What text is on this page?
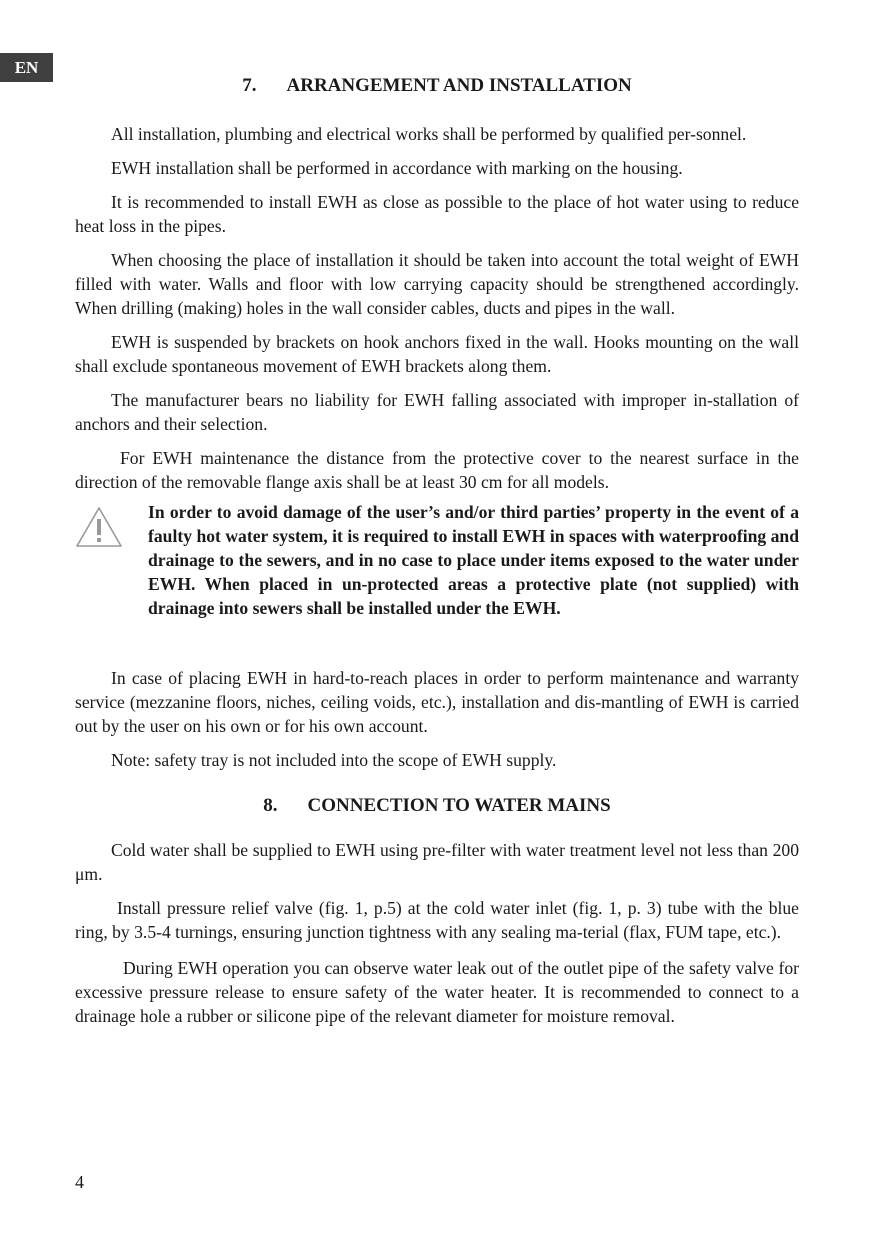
EN
7. ARRANGEMENT AND INSTALLATION

All installation, plumbing and electrical works shall be performed by qualified per-sonnel.

EWH installation shall be performed in accordance with marking on the housing.

It is recommended to install EWH as close as possible to the place of hot water using to reduce heat loss in the pipes.

When choosing the place of installation it should be taken into account the total weight of EWH filled with water. Walls and floor with low carrying capacity should be strengthened accordingly. When drilling (making) holes in the wall consider cables, ducts and pipes in the wall.

EWH is suspended by brackets on hook anchors fixed in the wall. Hooks mounting on the wall shall exclude spontaneous movement of EWH brackets along them.

The manufacturer bears no liability for EWH falling associated with improper in-stallation of anchors and their selection.

For EWH maintenance the distance from the protective cover to the nearest surface in the direction of the removable flange axis shall be at least 30 cm for all models.

In order to avoid damage of the user’s and/or third parties’ property in the event of a faulty hot water system, it is required to install EWH in spaces with waterproofing and drainage to the sewers, and in no case to place under items exposed to the water under EWH. When placed in un-protected areas a protective plate (not supplied) with drainage into sewers shall be installed under the EWH.

In case of placing EWH in hard-to-reach places in order to perform maintenance and warranty service (mezzanine floors, niches, ceiling voids, etc.), installation and dis-mantling of EWH is carried out by the user on his own or for his own account.

Note: safety tray is not included into the scope of EWH supply.

8. CONNECTION TO WATER MAINS

Cold water shall be supplied to EWH using pre-filter with water treatment level not less than 200 μm.

Install pressure relief valve (fig. 1, p.5) at the cold water inlet (fig. 1, p. 3) tube with the blue ring, by 3.5-4 turnings, ensuring junction tightness with any sealing ma-terial (flax, FUM tape, etc.).

During EWH operation you can observe water leak out of the outlet pipe of the safety valve for excessive pressure release to ensure safety of the water heater. It is recommended to connect to a drainage hole a rubber or silicone pipe of the relevant diameter for moisture removal.

4
